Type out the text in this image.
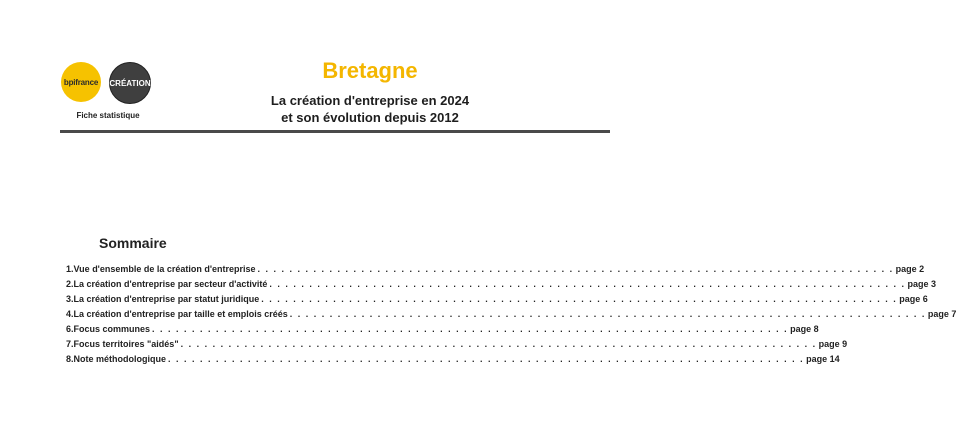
bpifrance CRÉATION
Fiche statistique
Bretagne
La création d'entreprise en 2024
et son évolution depuis 2012
Sommaire
1. Vue d'ensemble de la création d'entreprise . . . . . . . . . . . . . . . . . . . . . . . . . . . . . . . . . . . . . . . . . . . . . . . . . . . . . . . . . . . . . . . . . . . . . . . . . . . . . . . . page 2
2. La création d'entreprise par secteur d'activité . . . . . . . . . . . . . . . . . . . . . . . . . . . . . . . . . . . . . . . . . . . . . . . . . . . . . . . . . . . . . . . . . . . . . . . . . . . . . . . . page 3
3. La création d'entreprise par statut juridique . . . . . . . . . . . . . . . . . . . . . . . . . . . . . . . . . . . . . . . . . . . . . . . . . . . . . . . . . . . . . . . . . . . . . . . . . . . . . . . . page 6
4. La création d'entreprise par taille et emplois créés . . . . . . . . . . . . . . . . . . . . . . . . . . . . . . . . . . . . . . . . . . . . . . . . . . . . . . . . . . . . . . . . . . . . . . . . . . . . . . . . page 7
6. Focus communes . . . . . . . . . . . . . . . . . . . . . . . . . . . . . . . . . . . . . . . . . . . . . . . . . . . . . . . . . . . . . . . . . . . . . . . . . . . . . . . . page 8
7. Focus territoires "aidés" . . . . . . . . . . . . . . . . . . . . . . . . . . . . . . . . . . . . . . . . . . . . . . . . . . . . . . . . . . . . . . . . . . . . . . . . . . . . . . . . page 9
8. Note méthodologique . . . . . . . . . . . . . . . . . . . . . . . . . . . . . . . . . . . . . . . . . . . . . . . . . . . . . . . . . . . . . . . . . . . . . . . . . . . . . . . . page 14
